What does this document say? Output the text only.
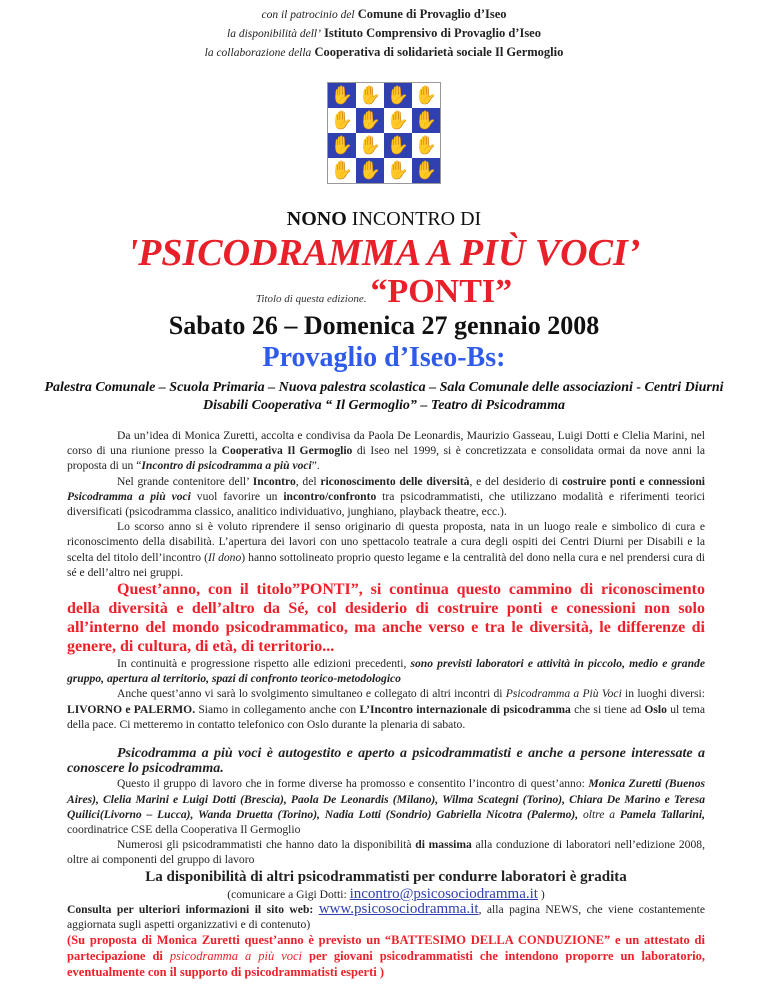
con il patrocinio del Comune di Provaglio d’Iseo
la disponibilità dell’ Istituto Comprensivo di Provaglio d’Iseo
la collaborazione della Cooperativa di solidarietà sociale Il Germoglio
✋ ✋ ✋ ✋
✋ ✋ ✋ ✋
✋ ✋ ✋ ✋
✋ ✋ ✋ ✋
NONO INCONTRO DI
'PSICODRAMMA A PIÙ VOCI’
Titolo di questa edizione. “PONTI”
Sabato 26 – Domenica 27 gennaio 2008
Provaglio d’Iseo-Bs:
Palestra Comunale – Scuola Primaria – Nuova palestra scolastica – Sala Comunale delle associazioni - Centri Diurni Disabili Cooperativa “ Il Germoglio” – Teatro di Psicodramma

Da un’idea di Monica Zuretti, accolta e condivisa da Paola De Leonardis, Maurizio Gasseau, Luigi Dotti e Clelia Marini, nel corso di una riunione presso la Cooperativa Il Germoglio di Iseo nel 1999, si è concretizzata e consolidata ormai da nove anni la proposta di un “Incontro di psicodramma a più voci”.

Nel grande contenitore dell’ Incontro, del riconoscimento delle diversità, e del desiderio di costruire ponti e connessioni Psicodramma a più voci vuol favorire un incontro/confronto tra psicodrammatisti, che utilizzano modalità e riferimenti teorici diversificati (psicodramma classico, analitico individuativo, junghiano, playback theatre, ecc.).

Lo scorso anno si è voluto riprendere il senso originario di questa proposta, nata in un luogo reale e simbolico di cura e riconoscimento della disabilità. L’apertura dei lavori con uno spettacolo teatrale a cura degli ospiti dei Centri Diurni per Disabili e la scelta del titolo dell’incontro (Il dono) hanno sottolineato proprio questo legame e la centralità del dono nella cura e nel prendersi cura di sé e dell’altro nei gruppi.

Quest’anno, con il titolo”PONTI”, si continua questo cammino di riconoscimento della diversità e dell’altro da Sé, col desiderio di costruire ponti e conessioni non solo all’interno del mondo psicodrammatico, ma anche verso e tra le diversità, le differenze di genere, di cultura, di età, di territorio...

In continuità e progressione rispetto alle edizioni precedenti, sono previsti laboratori e attività in piccolo, medio e grande gruppo, apertura al territorio, spazi di confronto teorico-metodologico

Anche quest’anno vi sarà lo svolgimento simultaneo e collegato di altri incontri di Psicodramma a Più Voci in luoghi diversi: LIVORNO e PALERMO. Siamo in collegamento anche con L’Incontro internazionale di psicodramma che si tiene ad Oslo ul tema della pace. Ci metteremo in contatto telefonico con Oslo durante la plenaria di sabato.

Psicodramma a più voci è autogestito e aperto a psicodrammatisti e anche a persone interessate a conoscere lo psicodramma.

Questo il gruppo di lavoro che in forme diverse ha promosso e consentito l’incontro di quest’anno: Monica Zuretti (Buenos Aires), Clelia Marini e Luigi Dotti (Brescia), Paola De Leonardis (Milano), Wilma Scategni (Torino), Chiara De Marino e Teresa Quilici(Livorno – Lucca), Wanda Druetta (Torino), Nadia Lotti (Sondrio) Gabriella Nicotra (Palermo), oltre a Pamela Tallarini, coordinatrice CSE della Cooperativa Il Germoglio

Numerosi gli psicodrammatisti che hanno dato la disponibilità di massima alla conduzione di laboratori nell’edizione 2008, oltre ai componenti del gruppo di lavoro

La disponibilità di altri psicodrammatisti per condurre laboratori è gradita

(comunicare a Gigi Dotti: incontro@psicosociodramma.it )

Consulta per ulteriori informazioni il sito web: www.psicosociodramma.it, alla pagina NEWS, che viene costantemente aggiornata sugli aspetti organizzativi e di contenuto)

(Su proposta di Monica Zuretti quest’anno è previsto un “BATTESIMO DELLA CONDUZIONE” e un attestato di partecipazione di psicodramma a più voci per giovani psicodrammatisti che intendono proporre un laboratorio, eventualmente con il supporto di psicodrammatisti esperti )
